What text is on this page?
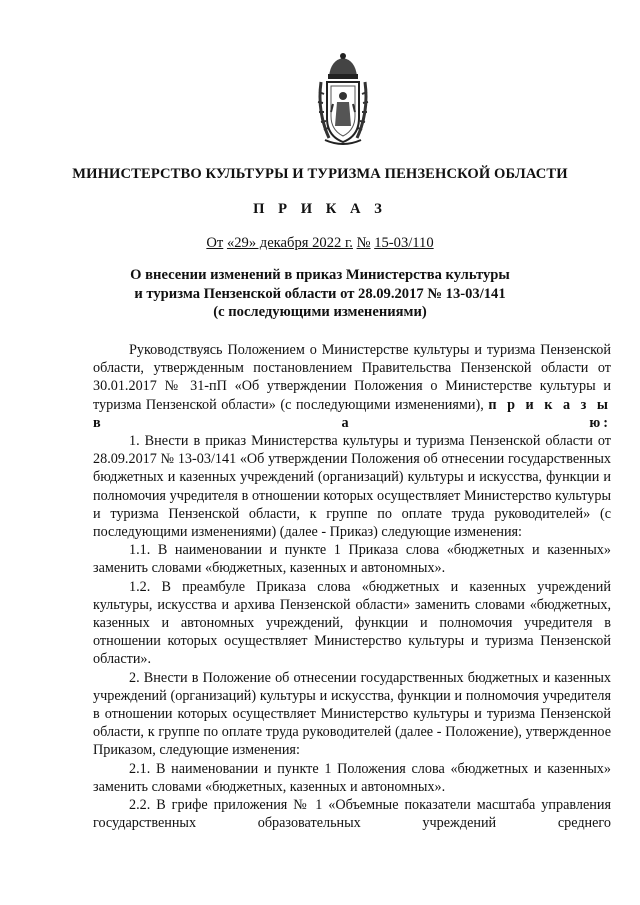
МИНИСТЕРСТВО КУЛЬТУРЫ И ТУРИЗМА ПЕНЗЕНСКОЙ ОБЛАСТИ
П Р И К А З
От «29» декабря 2022 г. № 15-03/110
О внесении изменений в приказ Министерства культуры
и туризма Пензенской области от 28.09.2017 № 13-03/141
(с последующими изменениями)

Руководствуясь Положением о Министерстве культуры и туризма Пензенской области, утвержденным постановлением Правительства Пензенской области от 30.01.2017 № 31-пП «Об утверждении Положения о Министерстве культуры и туризма Пензенской области» (с последующими изменениями), п р и к а з ы в а ю:

1. Внести в приказ Министерства культуры и туризма Пензенской области от 28.09.2017 № 13-03/141 «Об утверждении Положения об отнесении государственных бюджетных и казенных учреждений (организаций) культуры и искусства, функции и полномочия учредителя в отношении которых осуществляет Министерство культуры и туризма Пензенской области, к группе по оплате труда руководителей» (с последующими изменениями) (далее - Приказ) следующие изменения:

1.1. В наименовании и пункте 1 Приказа слова «бюджетных и казенных» заменить словами «бюджетных, казенных и автономных».

1.2. В преамбуле Приказа слова «бюджетных и казенных учреждений культуры, искусства и архива Пензенской области» заменить словами «бюджетных, казенных и автономных учреждений, функции и полномочия учредителя в отношении которых осуществляет Министерство культуры и туризма Пензенской области».

2. Внести в Положение об отнесении государственных бюджетных и казенных учреждений (организаций) культуры и искусства, функции и полномочия учредителя в отношении которых осуществляет Министерство культуры и туризма Пензенской области, к группе по оплате труда руководителей (далее - Положение), утвержденное Приказом, следующие изменения:

2.1. В наименовании и пункте 1 Положения слова «бюджетных и казенных» заменить словами «бюджетных, казенных и автономных».

2.2. В грифе приложения № 1 «Объемные показатели масштаба управления государственных образовательных учреждений среднего
